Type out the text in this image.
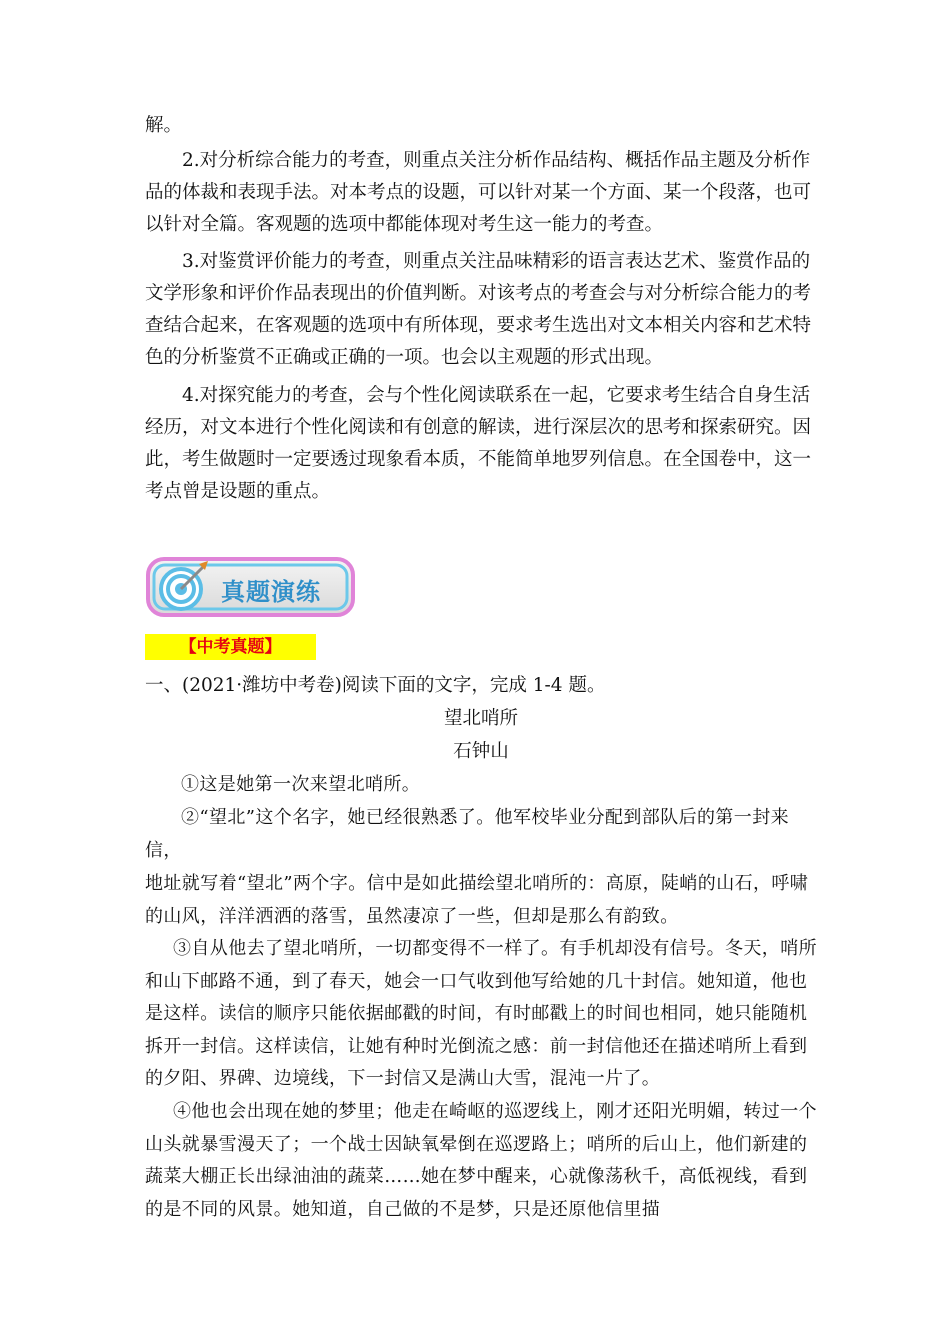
解。

2.对分析综合能力的考查，则重点关注分析作品结构、概括作品主题及分析作品的体裁和表现手法。对本考点的设题，可以针对某一个方面、某一个段落，也可以针对全篇。客观题的选项中都能体现对考生这一能力的考查。

3.对鉴赏评价能力的考查，则重点关注品味精彩的语言表达艺术、鉴赏作品的文学形象和评价作品表现出的价值判断。对该考点的考查会与对分析综合能力的考查结合起来，在客观题的选项中有所体现，要求考生选出对文本相关内容和艺术特色的分析鉴赏不正确或正确的一项。也会以主观题的形式出现。

4.对探究能力的考查，会与个性化阅读联系在一起，它要求考生结合自身生活经历，对文本进行个性化阅读和有创意的解读，进行深层次的思考和探索研究。因此，考生做题时一定要透过现象看本质，不能简单地罗列信息。在全国卷中，这一考点曾是设题的重点。

真题演练
【中考真题】
一、(2021·潍坊中考卷)阅读下面的文字，完成 1-4 题。
望北哨所
石钟山

①这是她第一次来望北哨所。

②“望北”这个名字，她已经很熟悉了。他军校毕业分配到部队后的第一封来信，

地址就写着“望北”两个字。信中是如此描绘望北哨所的：高原，陡峭的山石，呼啸的山风，洋洋洒洒的落雪，虽然凄凉了一些，但却是那么有韵致。

③自从他去了望北哨所，一切都变得不一样了。有手机却没有信号。冬天，哨所和山下邮路不通，到了春天，她会一口气收到他写给她的几十封信。她知道，他也是这样。读信的顺序只能依据邮戳的时间，有时邮戳上的时间也相同，她只能随机拆开一封信。这样读信，让她有种时光倒流之感：前一封信他还在描述哨所上看到的夕阳、界碑、边境线，下一封信又是满山大雪，混沌一片了。

④他也会出现在她的梦里；他走在崎岖的巡逻线上，刚才还阳光明媚，转过一个山头就暴雪漫天了；一个战士因缺氧晕倒在巡逻路上；哨所的后山上，他们新建的蔬菜大棚正长出绿油油的蔬菜……她在梦中醒来，心就像荡秋千，高低视线，看到的是不同的风景。她知道，自己做的不是梦，只是还原他信里描
